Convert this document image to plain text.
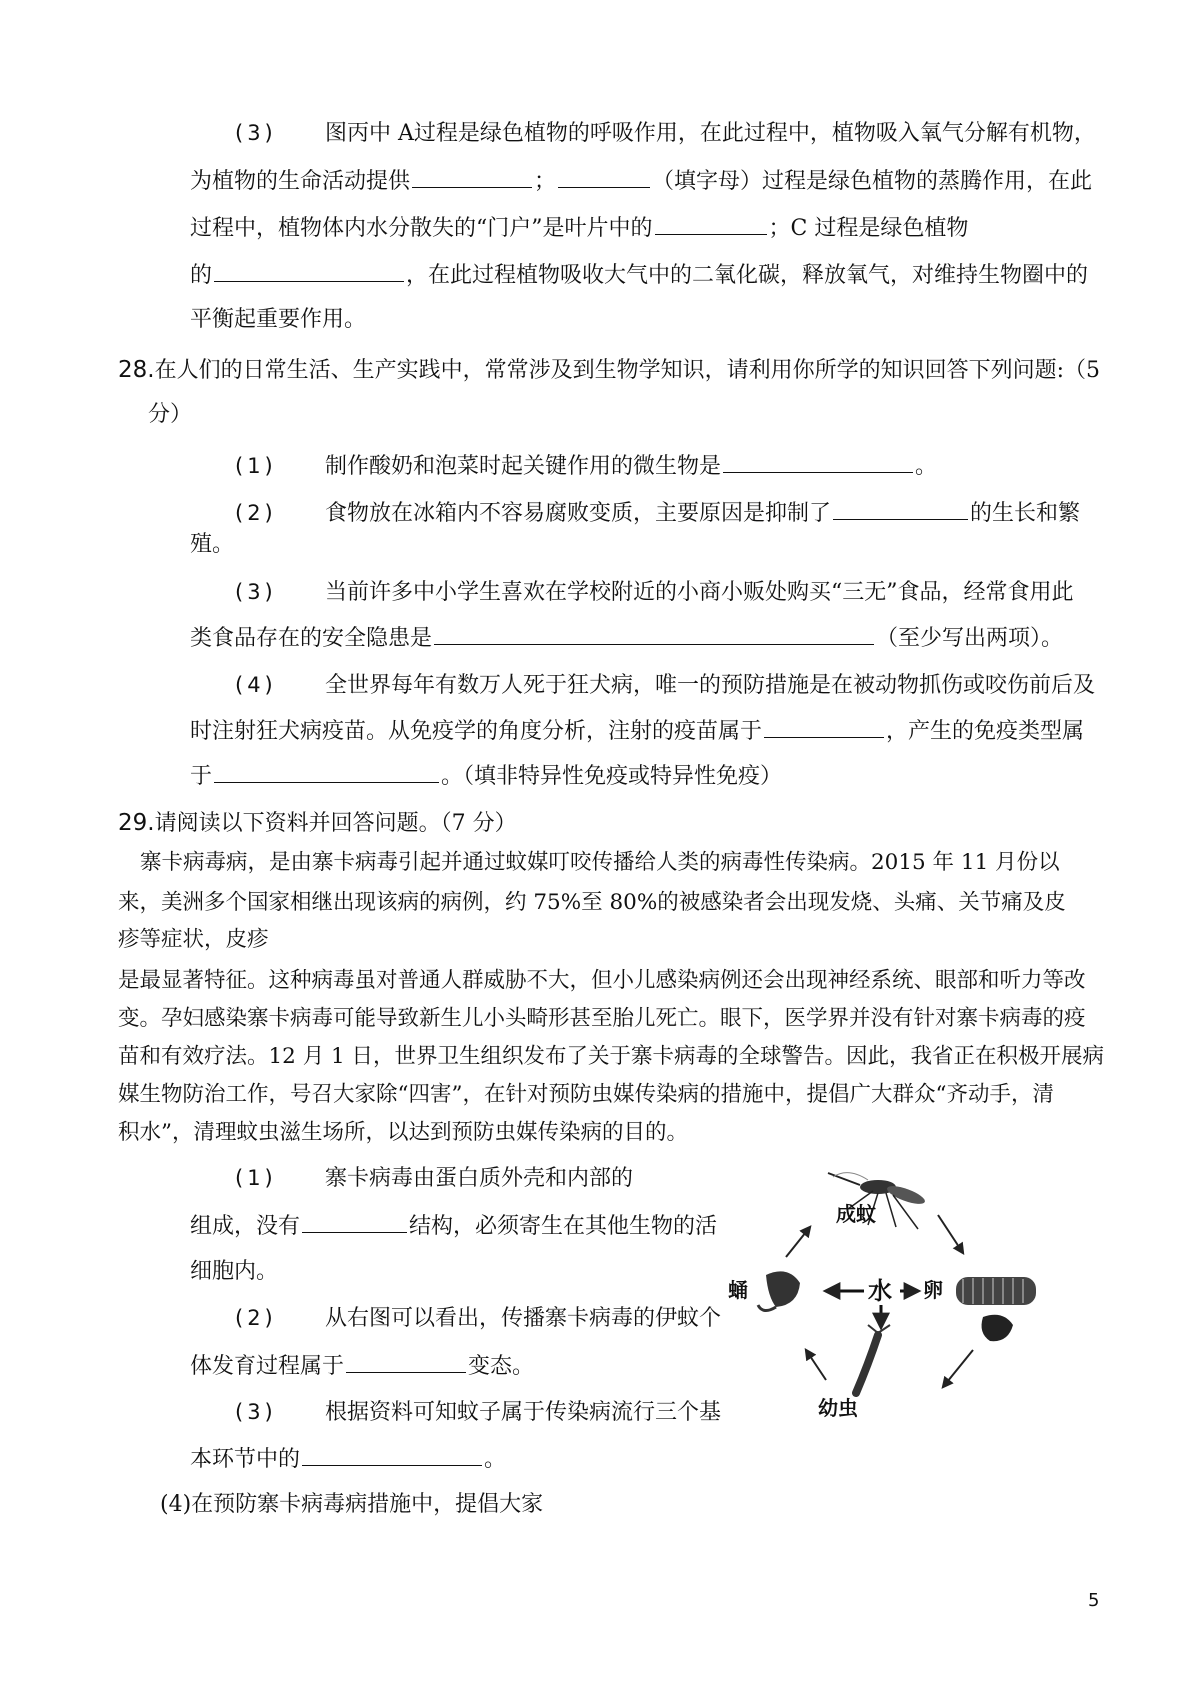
(3) 图丙中 A过程是绿色植物的呼吸作用，在此过程中，植物吸入氧气分解有机物，
为植物的生命活动提供	；	（填字母）过程是绿色植物的蒸腾作用，在此
过程中，植物体内水分散失的“门户”是叶片中的	；C 过程是绿色植物
的	，在此过程植物吸收大气中的二氧化碳，释放氧气，对维持生物圈中的
平衡起重要作用。
28.在人们的日常生活、生产实践中，常常涉及到生物学知识，请利用你所学的知识回答下列问题:（5
分）
(1) 制作酸奶和泡菜时起关键作用的微生物是	。
(2) 食物放在冰箱内不容易腐败变质，主要原因是抑制了	的生长和繁
殖。
(3) 当前许多中小学生喜欢在学校附近的小商小贩处购买“三无”食品，经常食用此
类食品存在的安全隐患是	（至少写出两项）。
(4) 全世界每年有数万人死于狂犬病，唯一的预防措施是在被动物抓伤或咬伤前后及
时注射狂犬病疫苗。从免疫学的角度分析，注射的疫苗属于	，产生的免疫类型属
于	。（填非特异性免疫或特异性免疫）
29.请阅读以下资料并回答问题。（7 分）
寨卡病毒病，是由寨卡病毒引起并通过蚊媒叮咬传播给人类的病毒性传染病。2015 年 11 月份以
来，美洲多个国家相继出现该病的病例，约 75%至 80%的被感染者会出现发烧、头痛、关节痛及皮
疹等症状，皮疹
是最显著特征。这种病毒虽对普通人群威胁不大，但小儿感染病例还会出现神经系统、眼部和听力等改
变。孕妇感染寨卡病毒可能导致新生儿小头畸形甚至胎儿死亡。眼下，医学界并没有针对寨卡病毒的疫
苗和有效疗法。12 月 1 日，世界卫生组织发布了关于寨卡病毒的全球警告。因此，我省正在积极开展病
媒生物防治工作，号召大家除“四害”，在针对预防虫媒传染病的措施中，提倡广大群众“齐动手，清
积水”，清理蚊虫滋生场所，以达到预防虫媒传染病的目的。
(1) 寨卡病毒由蛋白质外壳和内部的
组成，没有	结构，必须寄生在其他生物的活
细胞内。
(2) 从右图可以看出，传播寨卡病毒的伊蚊个
体发育过程属于	变态。
(3) 根据资料可知蚊子属于传染病流行三个基
本环节中的	。
(4)在预防寨卡病毒病措施中，提倡大家
成蚊
卵
蛹
幼虫
水
5
